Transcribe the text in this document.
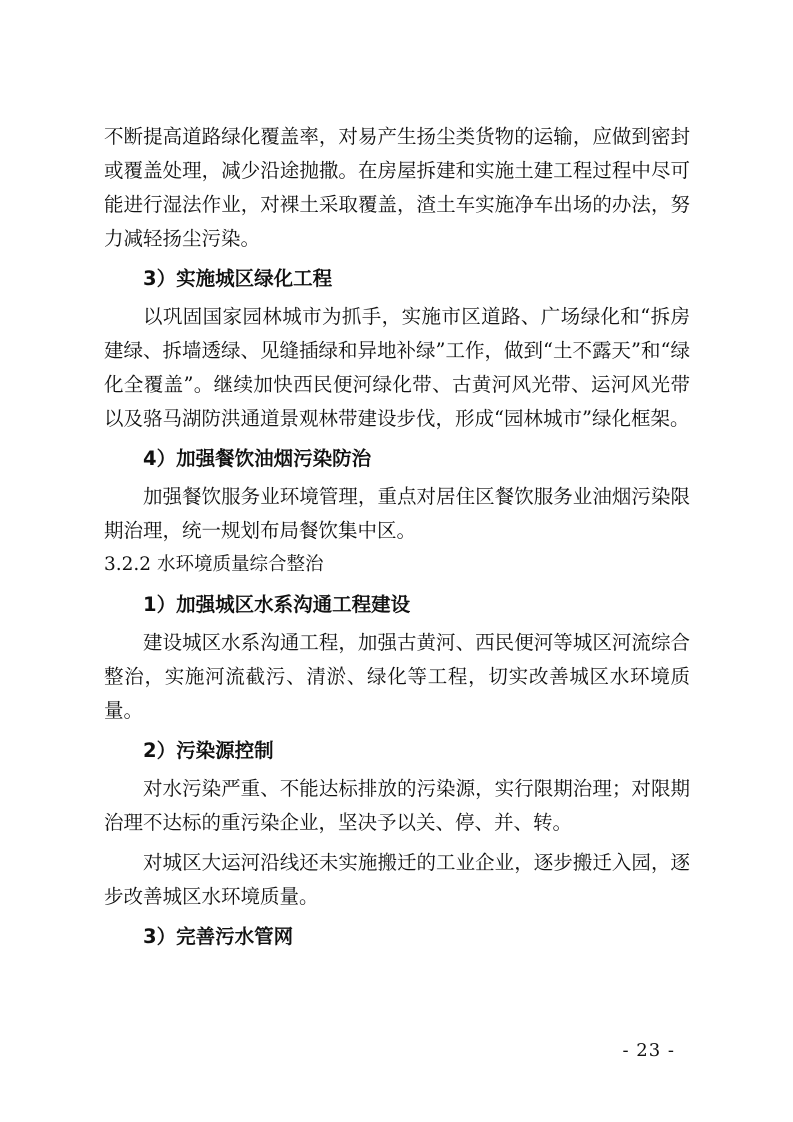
不断提高道路绿化覆盖率，对易产生扬尘类货物的运输，应做到密封或覆盖处理，减少沿途抛撒。在房屋拆建和实施土建工程过程中尽可能进行湿法作业，对裸土采取覆盖，渣土车实施净车出场的办法，努力减轻扬尘污染。

3）实施城区绿化工程

以巩固国家园林城市为抓手，实施市区道路、广场绿化和“拆房建绿、拆墙透绿、见缝插绿和异地补绿”工作，做到“土不露天”和“绿化全覆盖”。继续加快西民便河绿化带、古黄河风光带、运河风光带以及骆马湖防洪通道景观林带建设步伐，形成“园林城市”绿化框架。

4）加强餐饮油烟污染防治

加强餐饮服务业环境管理，重点对居住区餐饮服务业油烟污染限期治理，统一规划布局餐饮集中区。

3.2.2 水环境质量综合整治

1）加强城区水系沟通工程建设

建设城区水系沟通工程，加强古黄河、西民便河等城区河流综合整治，实施河流截污、清淤、绿化等工程，切实改善城区水环境质量。

2）污染源控制

对水污染严重、不能达标排放的污染源，实行限期治理；对限期治理不达标的重污染企业，坚决予以关、停、并、转。

对城区大运河沿线还未实施搬迁的工业企业，逐步搬迁入园，逐步改善城区水环境质量。

3）完善污水管网

- 23 -
